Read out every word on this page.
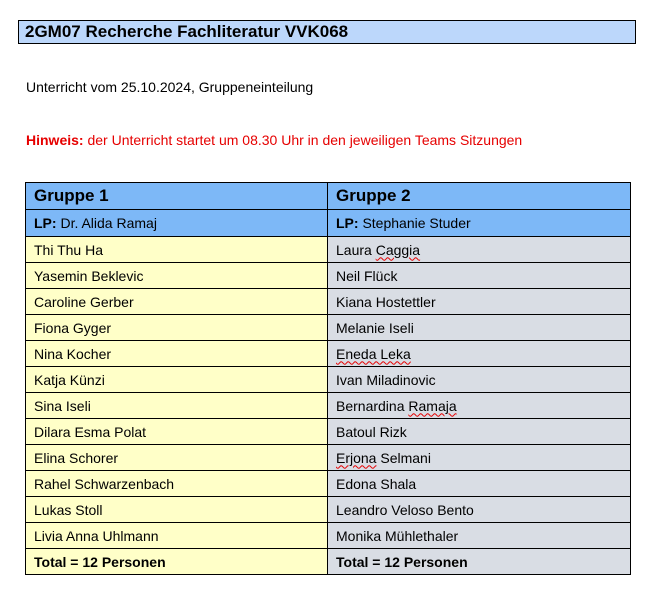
2GM07 Recherche Fachliteratur VVK068
Unterricht vom 25.10.2024, Gruppeneinteilung
Hinweis: der Unterricht startet um 08.30 Uhr in den jeweiligen Teams Sitzungen
Gruppe 1	Gruppe 2
LP: Dr. Alida Ramaj	LP: Stephanie Studer
Thi Thu Ha	Laura Caggia
Yasemin Beklevic	Neil Flück
Caroline Gerber	Kiana Hostettler
Fiona Gyger	Melanie Iseli
Nina Kocher	Eneda Leka
Katja Künzi	Ivan Miladinovic
Sina Iseli	Bernardina Ramaja
Dilara Esma Polat	Batoul Rizk
Elina Schorer	Erjona Selmani
Rahel Schwarzenbach	Edona Shala
Lukas Stoll	Leandro Veloso Bento
Livia Anna Uhlmann	Monika Mühlethaler
Total = 12 Personen	Total = 12 Personen
